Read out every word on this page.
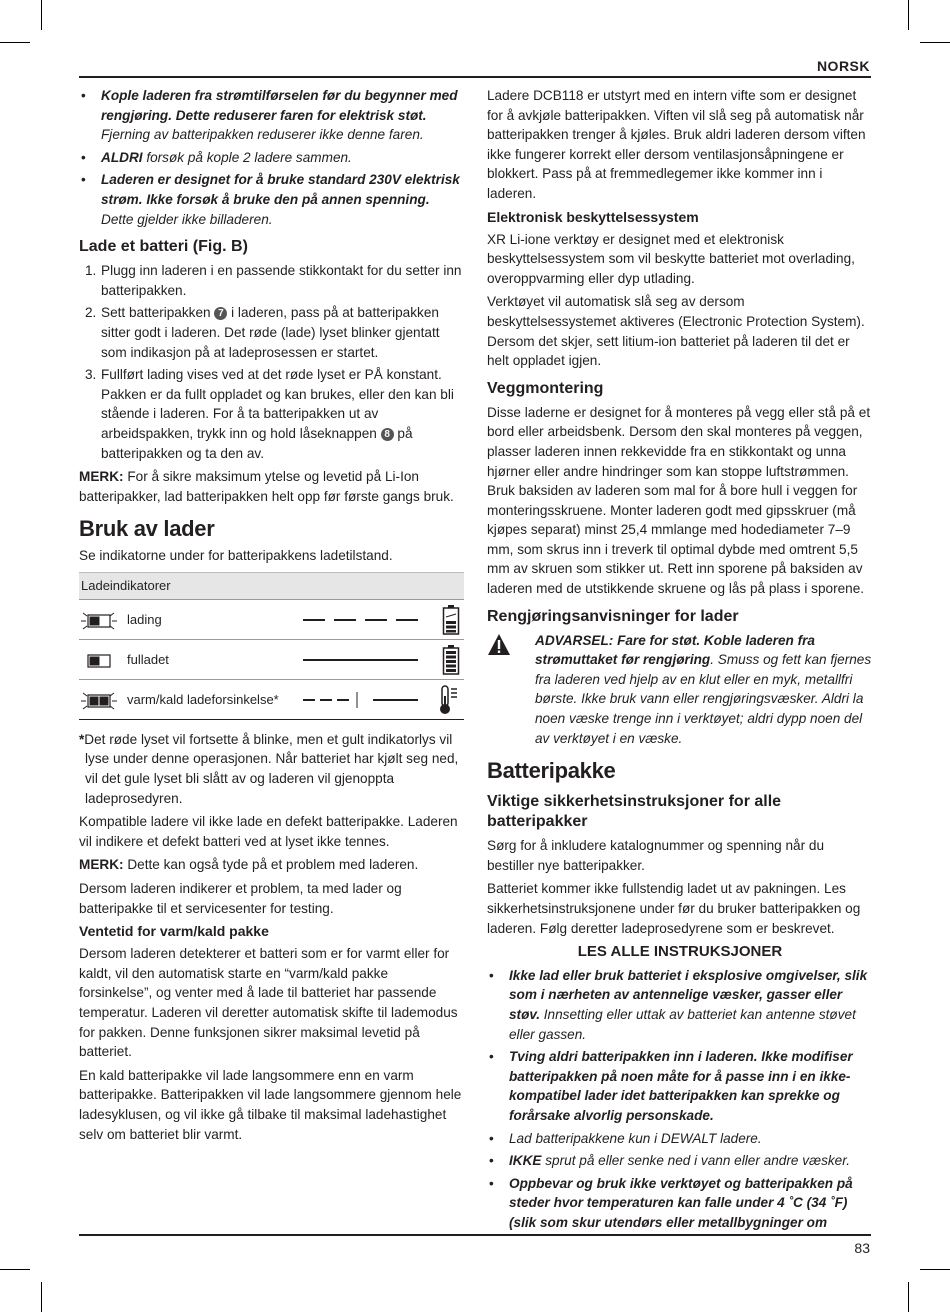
NORSK
• Kople laderen fra strømtilførselen før du begynner med rengjøring. Dette reduserer faren for elektrisk støt. Fjerning av batteripakken reduserer ikke denne faren.
• ALDRI forsøk på kople 2 ladere sammen.
• Laderen er designet for å bruke standard 230V elektrisk strøm. Ikke forsøk å bruke den på annen spenning. Dette gjelder ikke billaderen.
Lade et batteri (Fig. B)
1. Plugg inn laderen i en passende stikkontakt for du setter inn batteripakken.
2. Sett batteripakken 7 i laderen, pass på at batteripakken sitter godt i laderen. Det røde (lade) lyset blinker gjentatt som indikasjon på at ladeprosessen er startet.
3. Fullført lading vises ved at det røde lyset er PÅ konstant. Pakken er da fullt oppladet og kan brukes, eller den kan bli stående i laderen. For å ta batteripakken ut av arbeidspakken, trykk inn og hold låseknappen 8 på batteripakken og ta den av.

MERK: For å sikre maksimum ytelse og levetid på Li-Ion batteripakker, lad batteripakken helt opp før første gangs bruk.

Bruk av lader

Se indikatorne under for batteripakkens ladetilstand.

Ladeindikatorer
lading
fulladet
varm/kald ladeforsinkelse*

*Det røde lyset vil fortsette å blinke, men et gult indikatorlys vil lyse under denne operasjonen. Når batteriet har kjølt seg ned, vil det gule lyset bli slått av og laderen vil gjenoppta ladeprosedyren.

Kompatible ladere vil ikke lade en defekt batteripakke. Laderen vil indikere et defekt batteri ved at lyset ikke tennes.

MERK: Dette kan også tyde på et problem med laderen.

Dersom laderen indikerer et problem, ta med lader og batteripakke til et servicesenter for testing.

Ventetid for varm/kald pakke

Dersom laderen detekterer et batteri som er for varmt eller for kaldt, vil den automatisk starte en “varm/kald pakke forsinkelse”, og venter med å lade til batteriet har passende temperatur. Laderen vil deretter automatisk skifte til lademodus for pakken. Denne funksjonen sikrer maksimal levetid på batteriet.

En kald batteripakke vil lade langsommere enn en varm batteripakke. Batteripakken vil lade langsommere gjennom hele ladesyklusen, og vil ikke gå tilbake til maksimal ladehastighet selv om batteriet blir varmt.

Ladere DCB118 er utstyrt med en intern vifte som er designet for å avkjøle batteripakken. Viften vil slå seg på automatisk når batteripakken trenger å kjøles. Bruk aldri laderen dersom viften ikke fungerer korrekt eller dersom ventilasjonsåpningene er blokkert. Pass på at fremmedlegemer ikke kommer inn i laderen.

Elektronisk beskyttelsessystem

XR Li-ione verktøy er designet med et elektronisk beskyttelsessystem som vil beskytte batteriet mot overlading, overoppvarming eller dyp utlading.

Verktøyet vil automatisk slå seg av dersom beskyttelsessystemet aktiveres (Electronic Protection System). Dersom det skjer, sett litium-ion batteriet på laderen til det er helt oppladet igjen.

Veggmontering

Disse laderne er designet for å monteres på vegg eller stå på et bord eller arbeidsbenk. Dersom den skal monteres på veggen, plasser laderen innen rekkevidde fra en stikkontakt og unna hjørner eller andre hindringer som kan stoppe luftstrømmen. Bruk baksiden av laderen som mal for å bore hull i veggen for monteringsskruene. Monter laderen godt med gipsskruer (må kjøpes separat) minst 25,4 mmlange med hodediameter 7–9 mm, som skrus inn i treverk til optimal dybde med omtrent 5,5 mm av skruen som stikker ut. Rett inn sporene på baksiden av laderen med de utstikkende skruene og lås på plass i sporene.

Rengjøringsanvisninger for lader
ADVARSEL: Fare for støt. Koble laderen fra strømuttaket før rengjøring. Smuss og fett kan fjernes fra laderen ved hjelp av en klut eller en myk, metallfri børste. Ikke bruk vann eller rengjøringsvæsker. Aldri la noen væske trenge inn i verktøyet; aldri dypp noen del av verktøyet i en væske.
Batteripakke
Viktige sikkerhetsinstruksjoner for alle batteripakker

Sørg for å inkludere katalognummer og spenning når du bestiller nye batteripakker.

Batteriet kommer ikke fullstendig ladet ut av pakningen. Les sikkerhetsinstruksjonene under før du bruker batteripakken og laderen. Følg deretter ladeprosedyrene som er beskrevet.

LES ALLE INSTRUKSJONER
• Ikke lad eller bruk batteriet i eksplosive omgivelser, slik som i nærheten av antennelige væsker, gasser eller støv. Innsetting eller uttak av batteriet kan antenne støvet eller gassen.
• Tving aldri batteripakken inn i laderen. Ikke modifiser batteripakken på noen måte for å passe inn i en ikke-kompatibel lader idet batteripakken kan sprekke og forårsake alvorlig personskade.
• Lad batteripakkene kun i DEWALT ladere.
• IKKE sprut på eller senke ned i vann eller andre væsker.
• Oppbevar og bruk ikke verktøyet og batteripakken på steder hvor temperaturen kan falle under 4 ˚C (34 ˚F) (slik som skur utendørs eller metallbygninger om
83
